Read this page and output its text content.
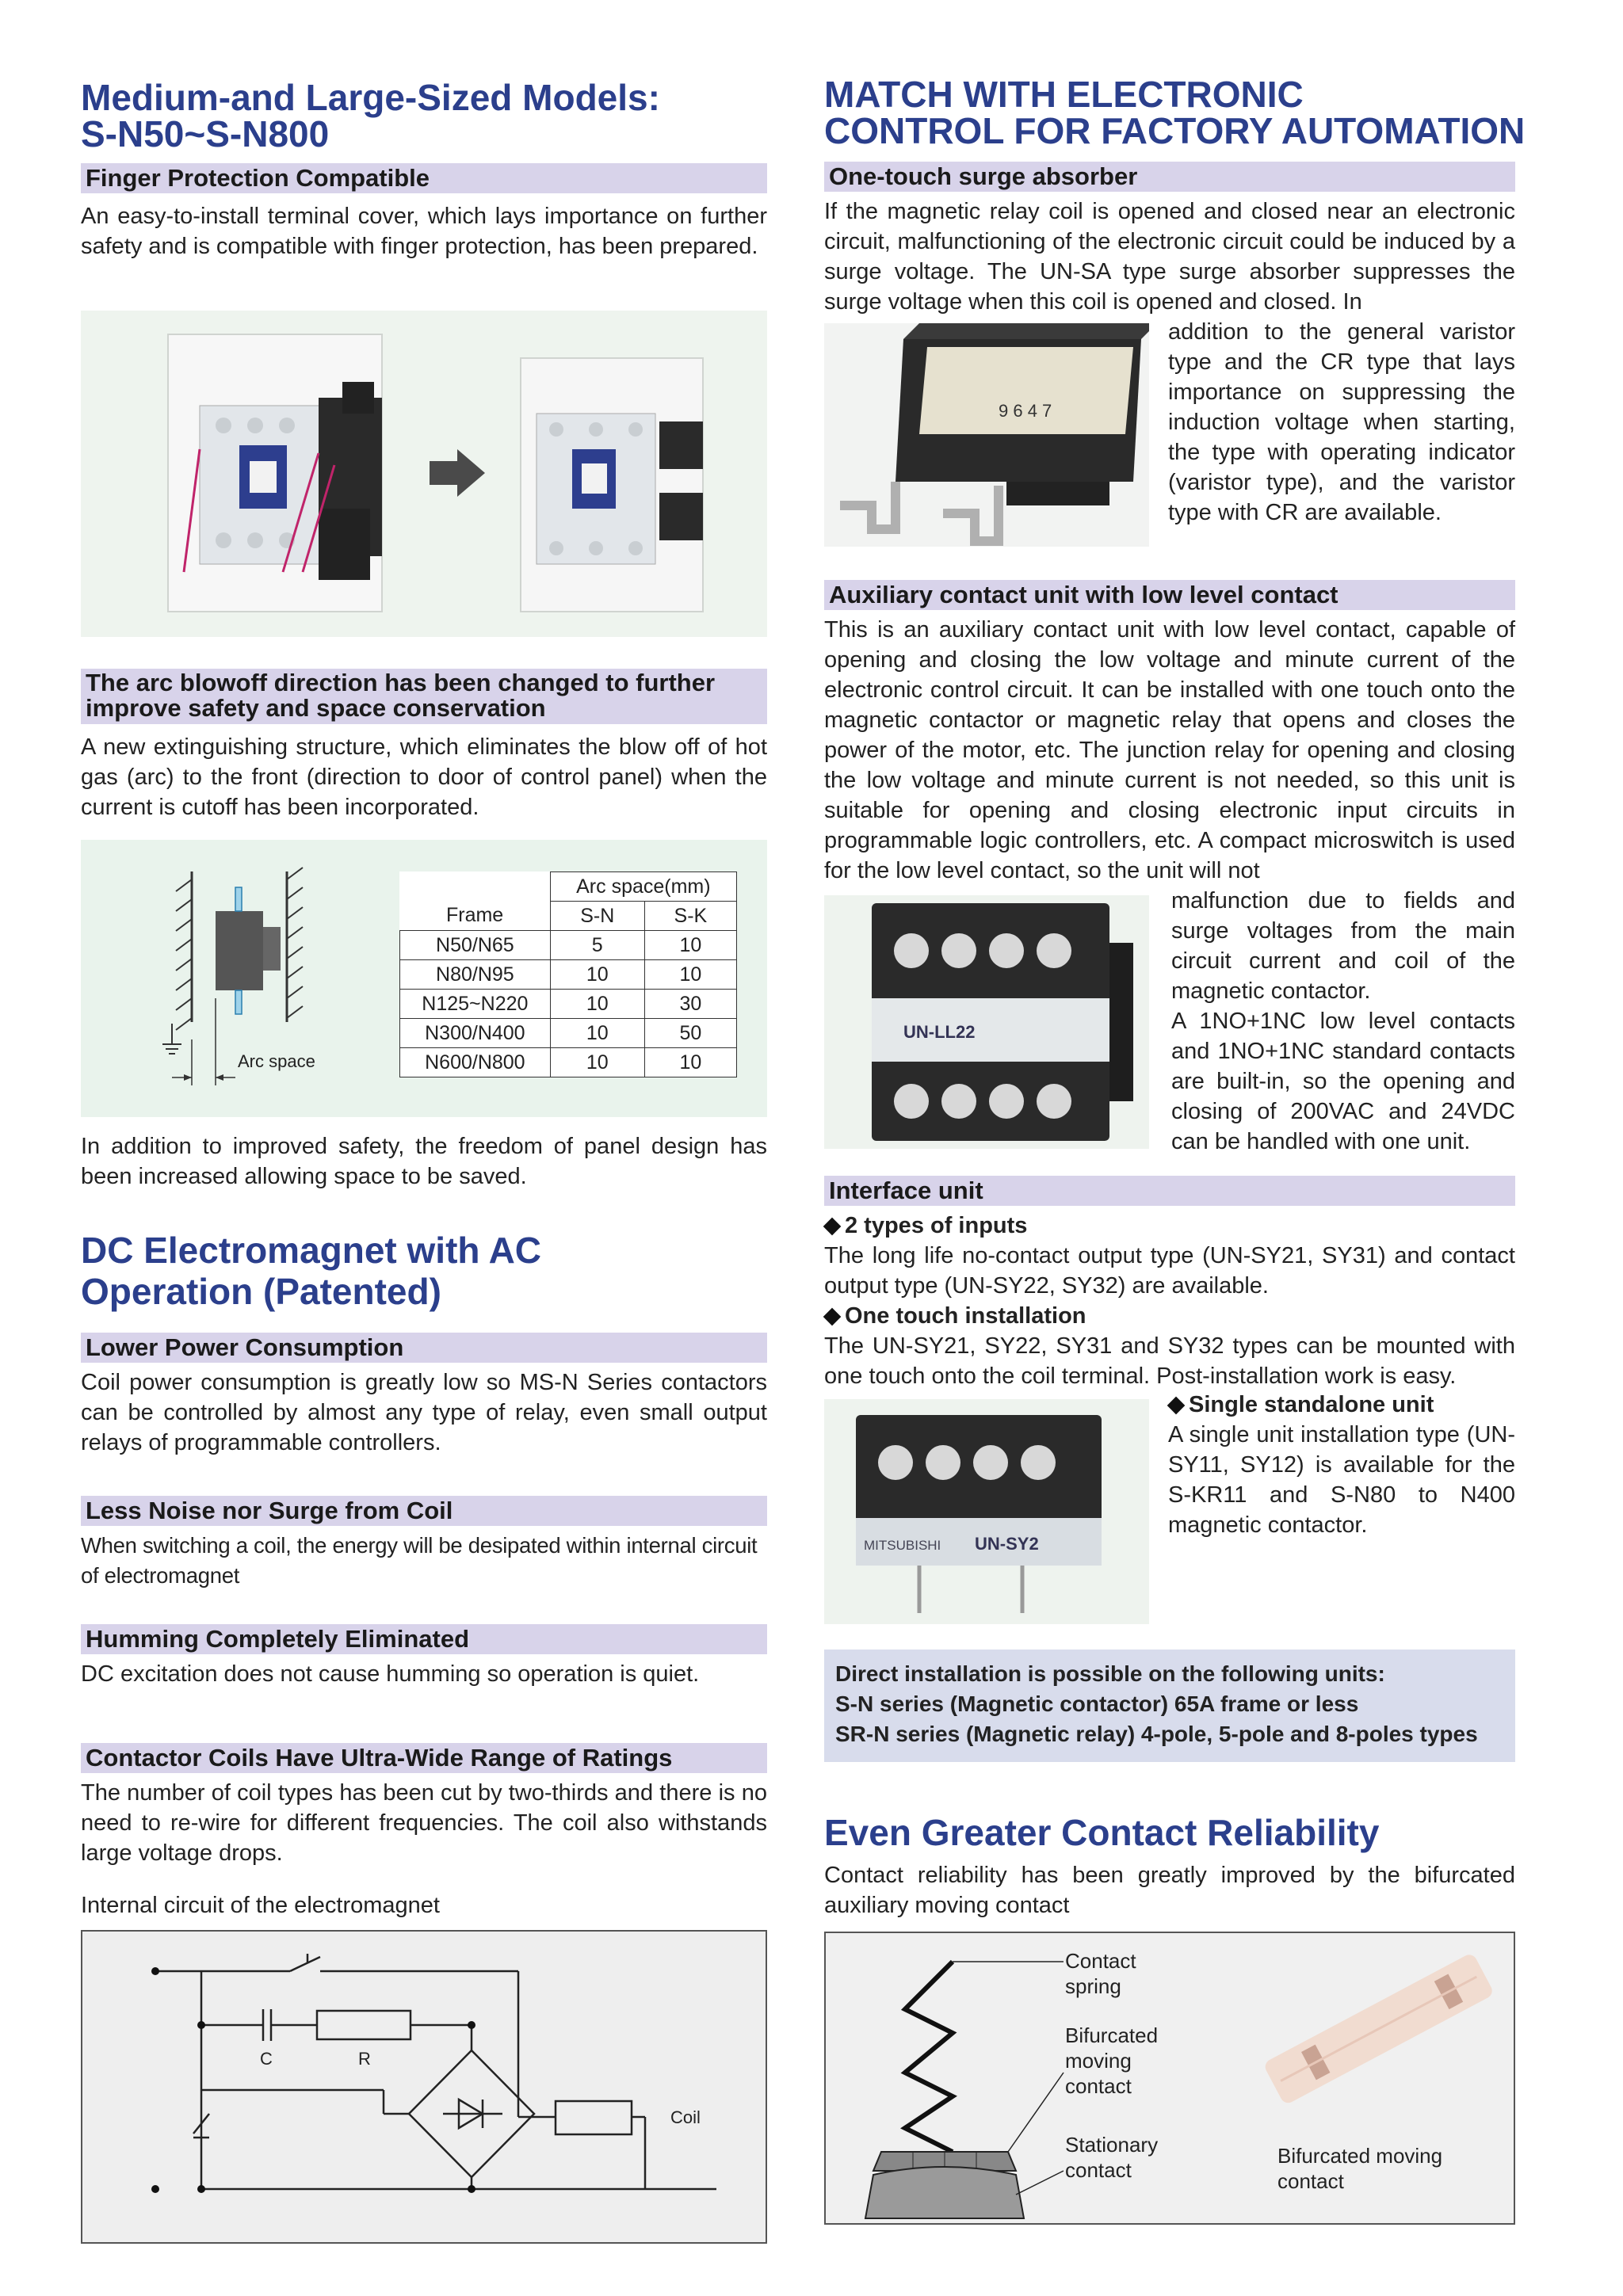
Medium-and Large-Sized Models:
S-N50~S-N800
Finger Protection Compatible

An easy-to-install terminal cover, which lays importance on further safety and is compatible with finger protection, has been prepared.

The arc blowoff direction has been changed to further improve safety and space conservation

A new extinguishing structure, which eliminates the blow off of hot gas (arc) to the front (direction to door of control panel) when the current is cutoff has been incorporated.

Arc space
	Arc space(mm)	
Frame	S-N	S-K
N50/N65	5	10
N80/N95	10	10
N125~N220	10	30
N300/N400	10	50
N600/N800	10	10

In addition to improved safety, the freedom of panel design has been increased allowing space to be saved.

DC Electromagnet with AC
Operation (Patented)
Lower Power Consumption

Coil power consumption is greatly low so MS-N Series contactors can be controlled by almost any type of relay, even small output relays of programmable controllers.

Less Noise nor Surge from Coil

When switching a coil, the energy will be desipated within internal circuit of electromagnet

Humming Completely Eliminated

DC excitation does not cause humming so operation is quiet.

Contactor Coils Have Ultra-Wide Range of Ratings

The number of coil types has been cut by two-thirds and there is no need to re-wire for different frequencies. The coil also withstands large voltage drops.

Internal circuit of the electromagnet

C	R
Coil
MATCH WITH ELECTRONIC
CONTROL FOR FACTORY AUTOMATION
One-touch surge absorber

If the magnetic relay coil is opened and closed near an electronic circuit, malfunctioning of the electronic circuit could be induced by a surge voltage. The UN-SA type surge absorber suppresses the surge voltage when this coil is opened and closed. In

9 6 4 7

addition to the general varistor type and the CR type that lays importance on suppressing the induction voltage when starting, the type with operating indicator (varistor type), and the varistor type with CR are available.

Auxiliary contact unit with low level contact

This is an auxiliary contact unit with low level contact, capable of opening and closing the low voltage and minute current of the electronic control circuit. It can be installed with one touch onto the magnetic contactor or magnetic relay that opens and closes the power of the motor, etc. The junction relay for opening and closing the low voltage and minute current is not needed, so this unit is suitable for opening and closing electronic input circuits in programmable logic controllers, etc. A compact microswitch is used for the low level contact, so the unit will not

UN-LL22

malfunction due to fields and surge voltages from the main circuit current and coil of the magnetic contactor.

A 1NO+1NC low level contacts and 1NO+1NC standard contacts are built-in, so the opening and closing of 200VAC and 24VDC can be handled with one unit.

Interface unit

2 types of inputs

The long life no-contact output type (UN-SY21, SY31) and contact output type (UN-SY22, SY32) are available.

One touch installation

The UN-SY21, SY22, SY31 and SY32 types can be mounted with one touch onto the coil terminal. Post-installation work is easy.

MITSUBISHI UN-SY2

Single standalone unit

A single unit installation type (UN-SY11, SY12) is available for the S-KR11 and S-N80 to N400 magnetic contactor.

Direct installation is possible on the following units:
S-N series (Magnetic contactor) 65A frame or less
SR-N series (Magnetic relay) 4-pole, 5-pole and 8-poles types
Even Greater Contact Reliability

Contact reliability has been greatly improved by the bifurcated auxiliary moving contact

Contact
spring
Bifurcated
moving
contact
Stationary
contact
Bifurcated moving
contact
